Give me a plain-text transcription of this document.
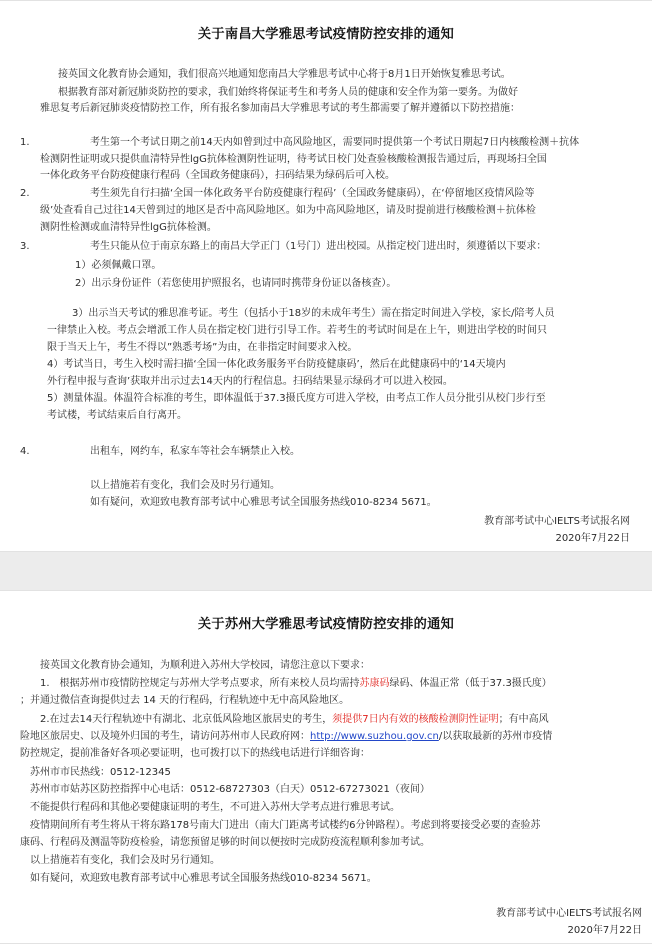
关于南昌大学雅思考试疫情防控安排的通知
接英国文化教育协会通知，我们很高兴地通知您南昌大学雅思考试中心将于8月1日开始恢复雅思考试。
根据教育部对新冠肺炎防控的要求，我们始终将保证考生和考务人员的健康和安全作为第一要务。为做好
雅思复考后新冠肺炎疫情防控工作，所有报名参加南昌大学雅思考试的考生都需要了解并遵循以下防控措施：
1.	考生第一个考试日期之前14天内如曾到过中高风险地区，需要同时提供第一个考试日期起7日内核酸检测＋抗体
检测阴性证明或只提供血清特异性lgG抗体检测阴性证明，待考试日校门处查验核酸检测报告通过后，再现场扫全国
一体化政务平台防疫健康行程码（全国政务健康码），扫码结果为绿码后可入校。
2.	考生须先自行扫描‘全国一体化政务平台防疫健康行程码’（全国政务健康码），在‘停留地区疫情风险等
级’处查看自己过往14天曾到过的地区是否中高风险地区。如为中高风险地区，请及时提前进行核酸检测＋抗体检
测阴性检测或血清特异性lgG抗体检测。
3.	考生只能从位于南京东路上的南昌大学正门（1号门）进出校园。从指定校门进出时，须遵循以下要求：
1）必须佩戴口罩。
2）出示身份证件（若您使用护照报名，也请同时携带身份证以备核查）。
3）出示当天考试的雅思准考证。考生（包括小于18岁的未成年考生）需在指定时间进入学校，家长/陪考人员
一律禁止入校。考点会增派工作人员在指定校门进行引导工作。若考生的考试时间是在上午，则进出学校的时间只
限于当天上午，考生不得以”熟悉考场”为由，在非指定时间要求入校。
4）考试当日，考生入校时需扫描‘全国一体化政务服务平台防疫健康码’，然后在此健康码中的‘14天境内
外行程申报与查询’获取并出示过去14天内的行程信息。扫码结果显示绿码才可以进入校园。
5）测量体温。体温符合标准的考生，即体温低于37.3摄氏度方可进入学校，由考点工作人员分批引从校门步行至
考试楼，考试结束后自行离开。
4.	出租车，网约车，私家车等社会车辆禁止入校。
以上措施若有变化，我们会及时另行通知。
如有疑问，欢迎致电教育部考试中心雅思考试全国服务热线010-8234 5671。
教育部考试中心IELTS考试报名网
2020年7月22日
关于苏州大学雅思考试疫情防控安排的通知
接英国文化教育协会通知，为顺利进入苏州大学校园，请您注意以下要求：
1.　根据苏州市疫情防控规定与苏州大学考点要求，所有来校人员均需持苏康码绿码、体温正常（低于37.3摄氏度）
；并通过微信查询提供过去 14 天的行程码，行程轨迹中无中高风险地区。
2.在过去14天行程轨迹中有湖北、北京低风险地区旅居史的考生，须提供7日内有效的核酸检测阴性证明；有中高风
险地区旅居史、以及境外归国的考生，请访问苏州市人民政府网：http://www.suzhou.gov.cn/以获取最新的苏州市疫情
防控规定，提前准备好各项必要证明，也可拨打以下的热线电话进行详细咨询：
苏州市市民热线：0512-12345
苏州市市姑苏区防控指挥中心电话：0512-68727303（白天）0512-67273021（夜间）
不能提供行程码和其他必要健康证明的考生，不可进入苏州大学考点进行雅思考试。
疫情期间所有考生将从干将东路178号南大门进出（南大门距离考试楼约6分钟路程）。考虑到将要接受必要的查验苏
康码、行程码及测温等防疫检验，请您预留足够的时间以便按时完成防疫流程顺利参加考试。
以上措施若有变化，我们会及时另行通知。
如有疑问，欢迎致电教育部考试中心雅思考试全国服务热线010-8234 5671。
教育部考试中心IELTS考试报名网
2020年7月22日
